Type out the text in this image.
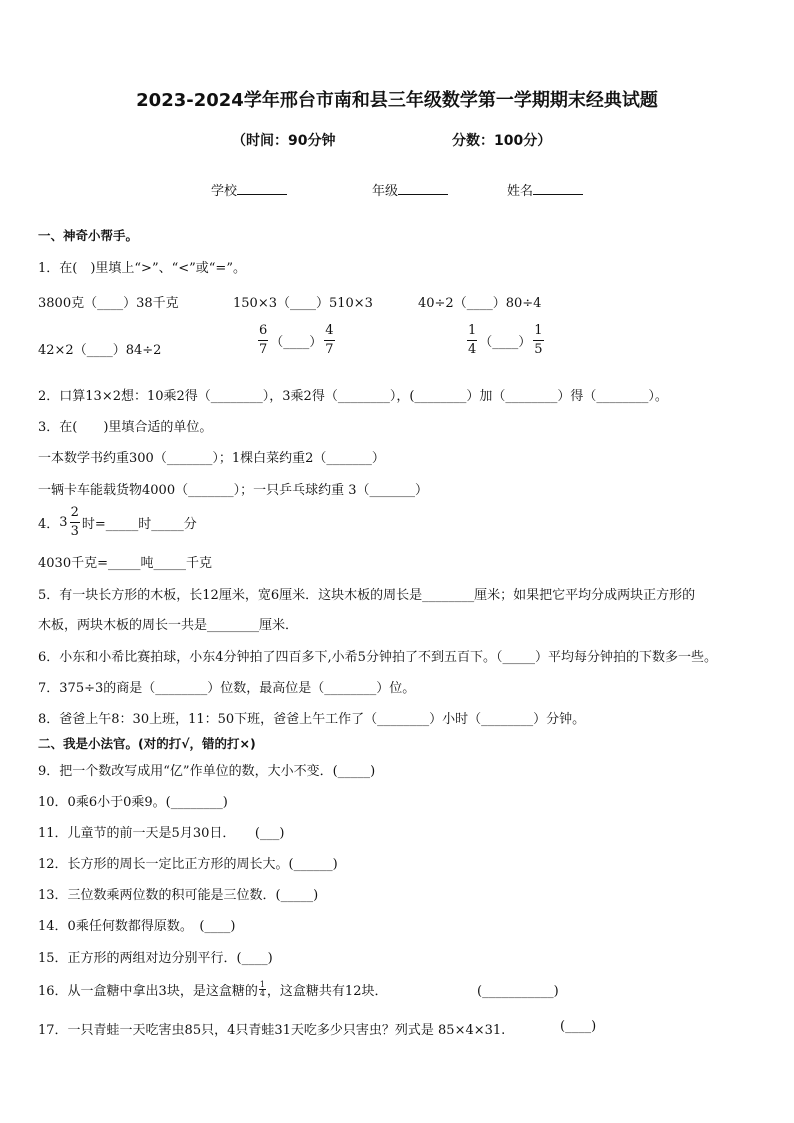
2023-2024学年邢台市南和县三年级数学第一学期期末经典试题
（时间：90分钟	分数：100分）
学校	年级	姓名
一、神奇小帮手。
1．在(　)里填上“>”、“<”或“=”。
3800克（____）38千克	150×3（____）510×3	40÷2（____）80÷4
42×2（____）84÷2	$\frac{6}{7}$ （____） $\frac{4}{7}$	$\frac{1}{4}$ （____） $\frac{1}{5}$
2．口算13×2想：10乘2得（________），3乘2得（________），(________）加（________）得（________）。
3．在(　　)里填合适的单位。
一本数学书约重300（_______）；1棵白菜约重2（_______）
一辆卡车能载货物4000（_______）；一只乒乓球约重 3（_______）
4．$3 \frac{2}{3}$ 时=_____时_____分
4030千克=_____吨_____千克
5．有一块长方形的木板，长12厘米，宽6厘米．这块木板的周长是________厘米；如果把它平均分成两块正方形的
木板，两块木板的周长一共是________厘米．
6．小东和小希比赛拍球，小东4分钟拍了四百多下,小希5分钟拍了不到五百下。（_____）平均每分钟拍的下数多一些。
7．375÷3的商是（________）位数，最高位是（________）位。
8．爸爸上午8：30上班，11：50下班，爸爸上午工作了（________）小时（________）分钟。
二、我是小法官。(对的打√，错的打×)
9．把一个数改写成用“亿”作单位的数，大小不变．(_____)
10．0乘6小于0乘9。(________)
11．儿童节的前一天是5月30日．　　(___)
12．长方形的周长一定比正方形的周长大。(______)
13．三位数乘两位数的积可能是三位数．(_____)
14．0乘任何数都得原数。　(____)
15．正方形的两组对边分别平行．(____)
16．从一盒糖中拿出3块，是这盒糖的 $\frac{1}{4}$ ，这盒糖共有12块．	(___________)
17．一只青蛙一天吃害虫85只，4只青蛙31天吃多少只害虫？列式是 85×4×31.	(____)
